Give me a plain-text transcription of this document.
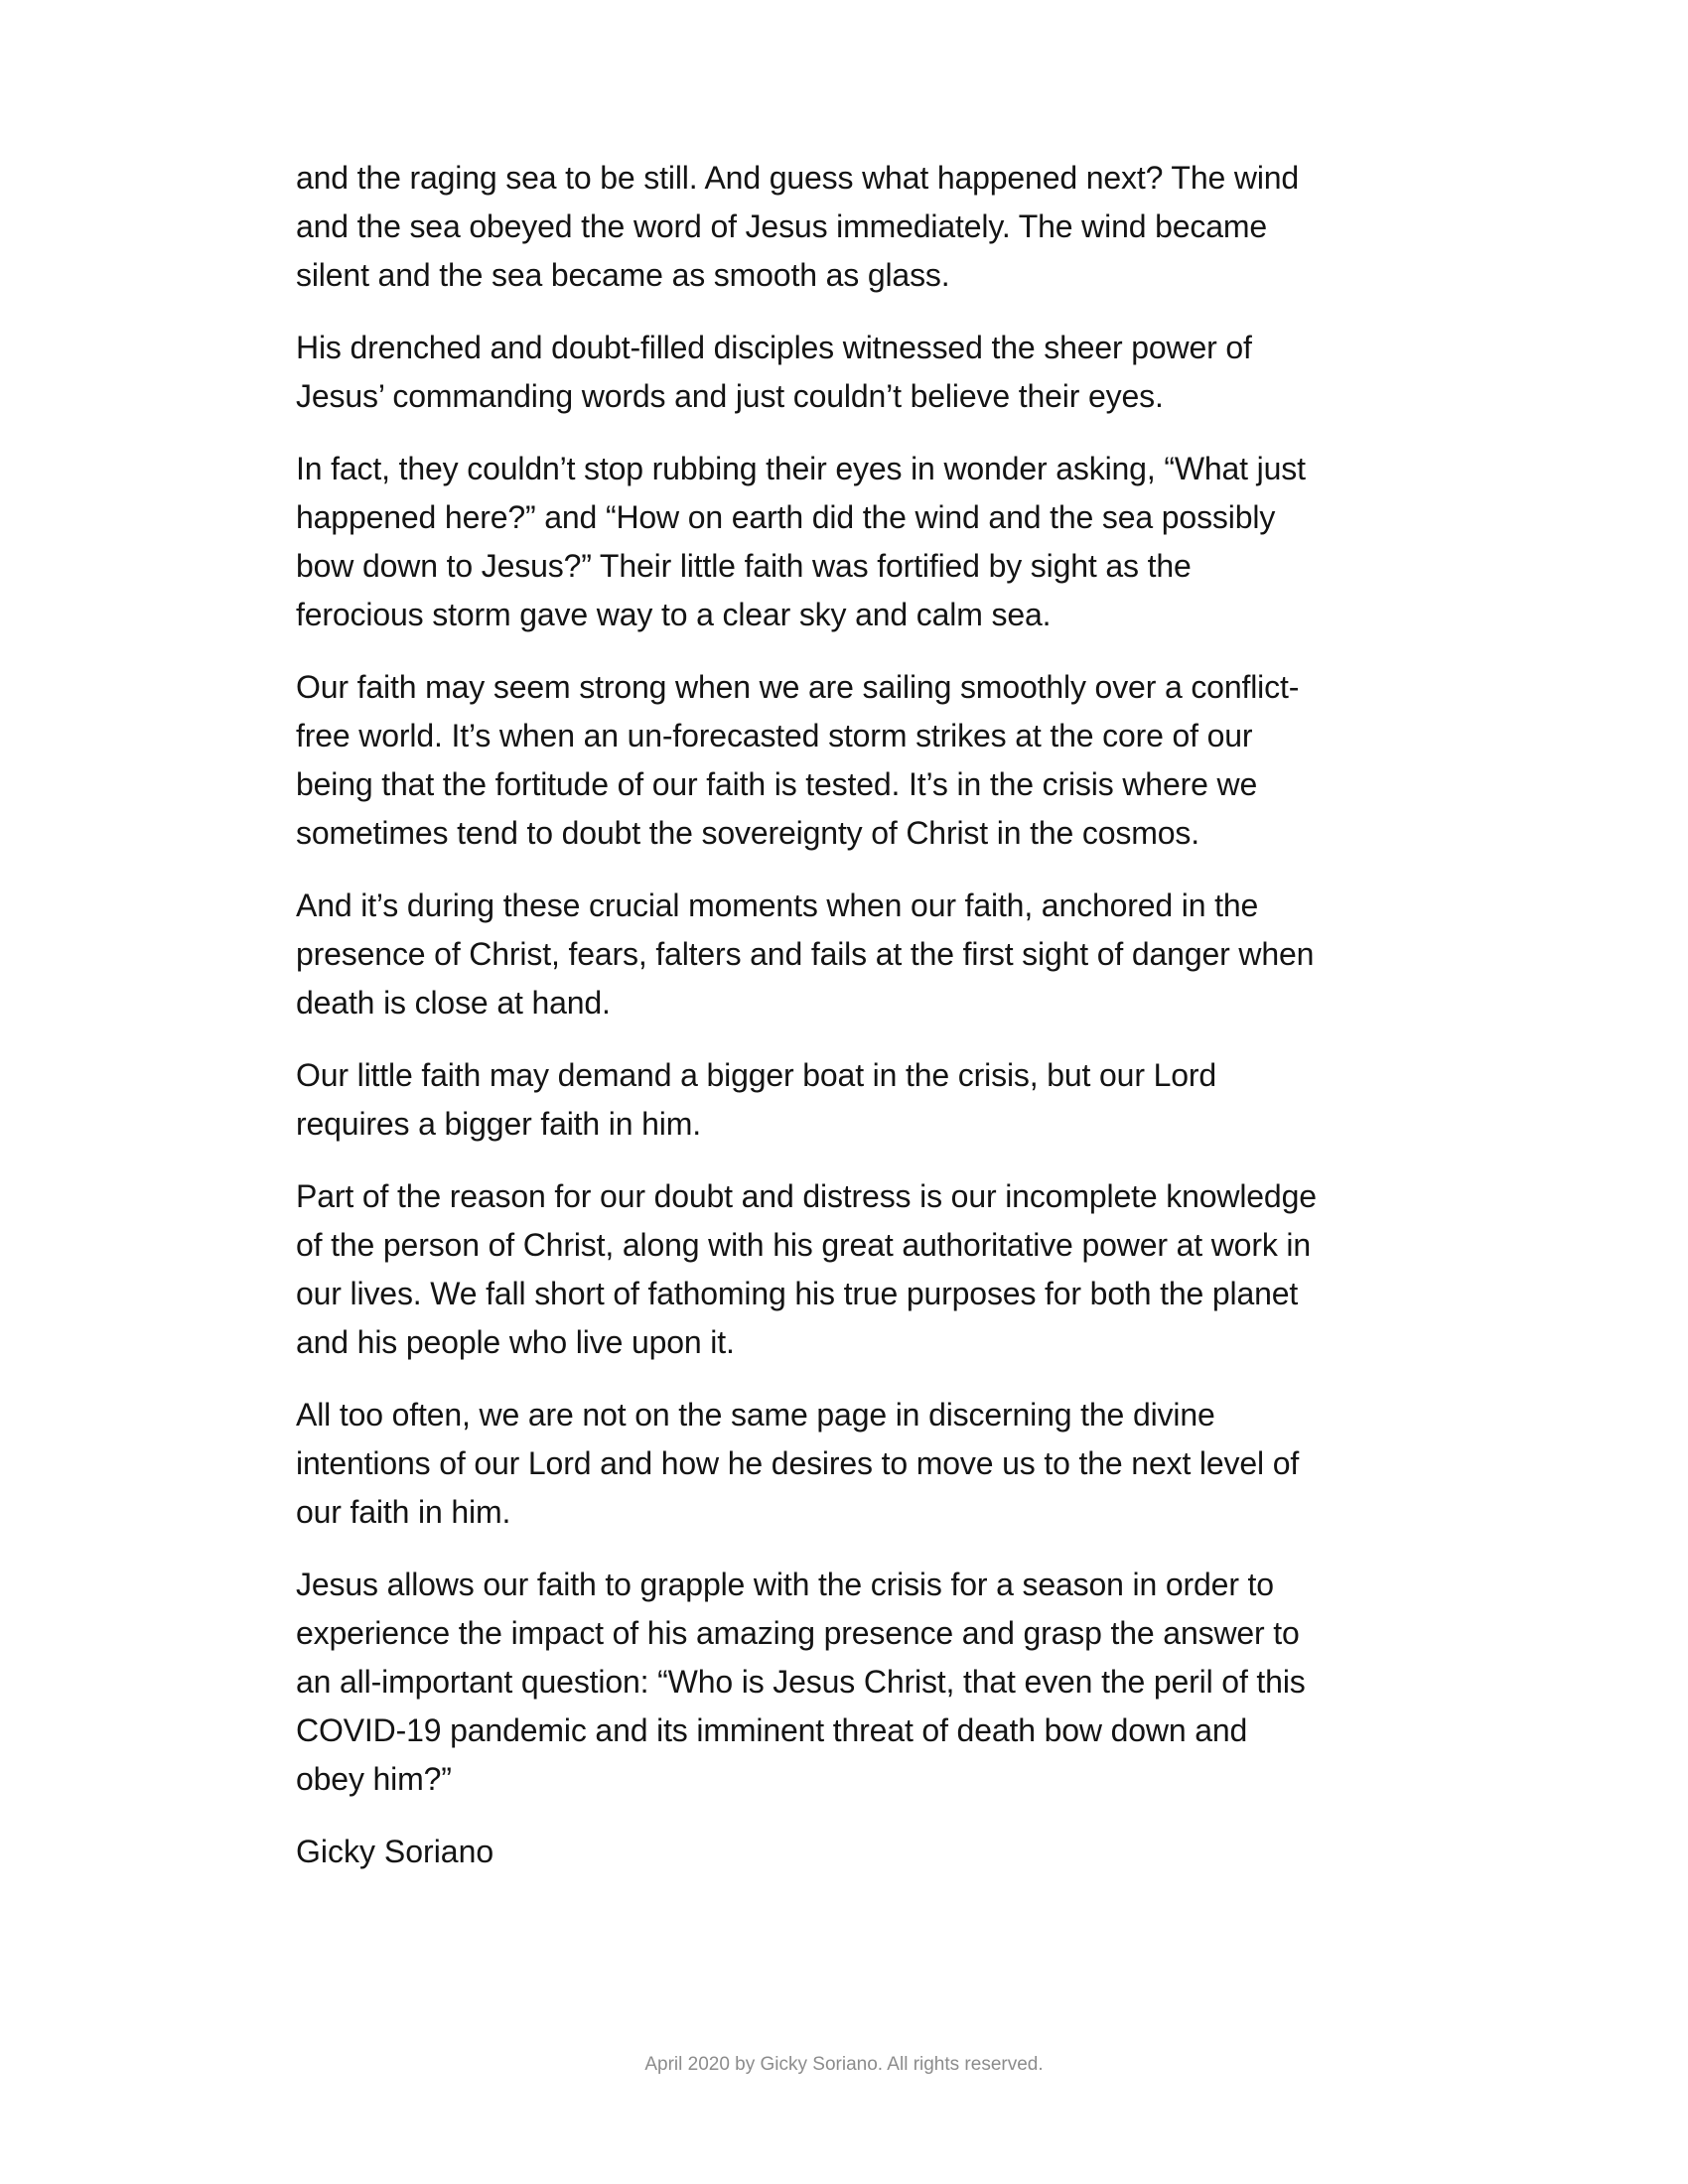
and the raging sea to be still. And guess what happened next? The wind
and the sea obeyed the word of Jesus immediately. The wind became
silent and the sea became as smooth as glass.

His drenched and doubt-filled disciples witnessed the sheer power of
Jesus’ commanding words and just couldn’t believe their eyes.

In fact, they couldn’t stop rubbing their eyes in wonder asking, “What just
happened here?” and “How on earth did the wind and the sea possibly
bow down to Jesus?” Their little faith was fortified by sight as the
ferocious storm gave way to a clear sky and calm sea.

Our faith may seem strong when we are sailing smoothly over a conflict-
free world. It’s when an un-forecasted storm strikes at the core of our
being that the fortitude of our faith is tested. It’s in the crisis where we
sometimes tend to doubt the sovereignty of Christ in the cosmos.

And it’s during these crucial moments when our faith, anchored in the
presence of Christ, fears, falters and fails at the first sight of danger when
death is close at hand.

Our little faith may demand a bigger boat in the crisis, but our Lord
requires a bigger faith in him.

Part of the reason for our doubt and distress is our incomplete knowledge
of the person of Christ, along with his great authoritative power at work in
our lives. We fall short of fathoming his true purposes for both the planet
and his people who live upon it.

All too often, we are not on the same page in discerning the divine
intentions of our Lord and how he desires to move us to the next level of
our faith in him.

Jesus allows our faith to grapple with the crisis for a season in order to
experience the impact of his amazing presence and grasp the answer to
an all-important question: “Who is Jesus Christ, that even the peril of this
COVID-19 pandemic and its imminent threat of death bow down and
obey him?”

Gicky Soriano

April 2020 by Gicky Soriano. All rights reserved.
